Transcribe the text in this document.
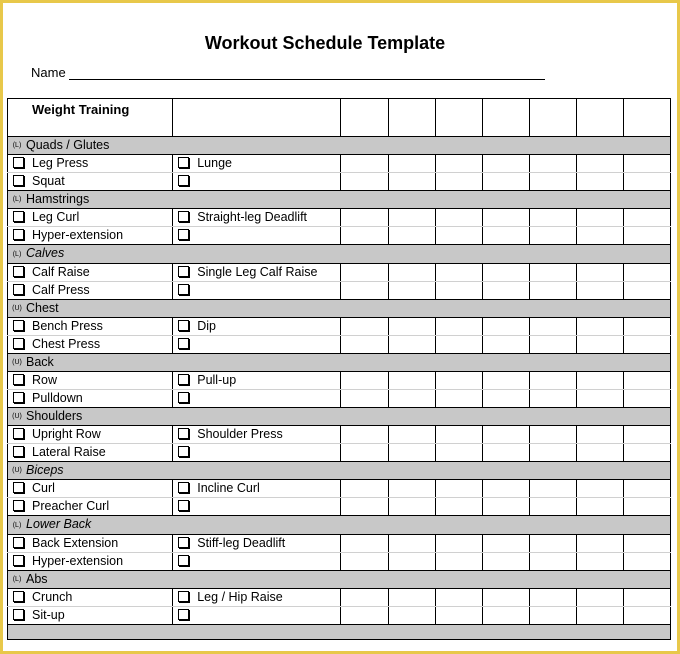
Workout Schedule Template
Name
Weight Training								
(L) Quads / Glutes								
Leg Press	Lunge							
Squat								
(L) Hamstrings								
Leg Curl	Straight-leg Deadlift							
Hyper-extension								
(L) Calves								
Calf Raise	Single Leg Calf Raise							
Calf Press								
(U) Chest								
Bench Press	Dip							
Chest Press								
(U) Back								
Row	Pull-up							
Pulldown								
(U) Shoulders								
Upright Row	Shoulder Press							
Lateral Raise								
(U) Biceps								
Curl	Incline Curl							
Preacher Curl								
(L) Lower Back								
Back Extension	Stiff-leg Deadlift							
Hyper-extension								
(L) Abs								
Crunch	Leg / Hip Raise							
Sit-up								
